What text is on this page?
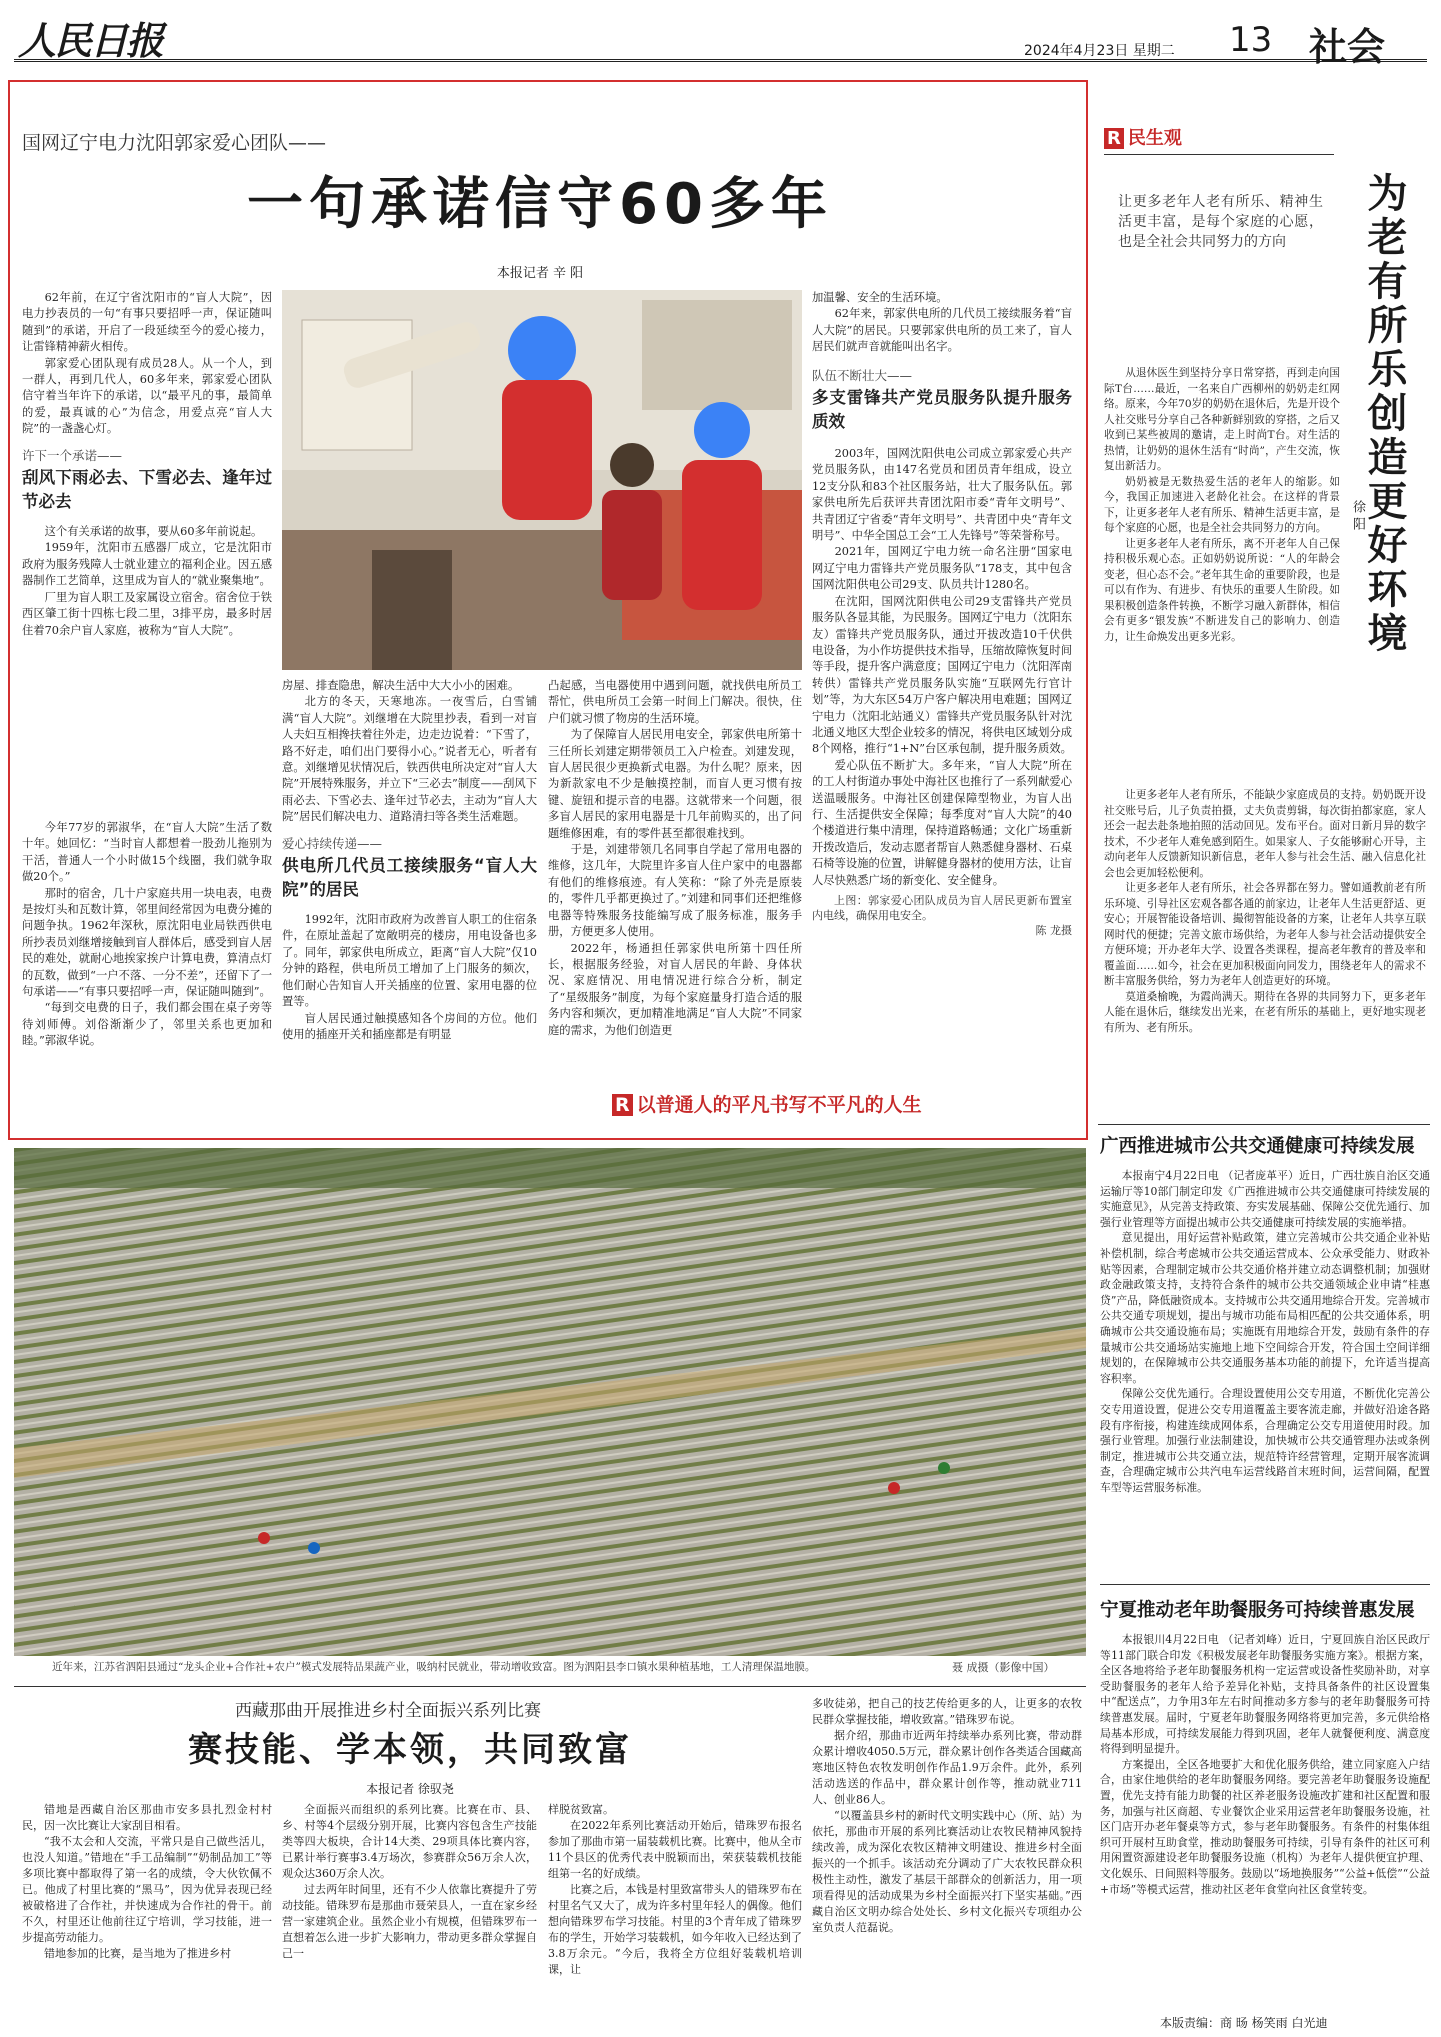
人民日报	2024年4月23日 星期二 13 社会
国网辽宁电力沈阳郭家爱心团队——
一句承诺信守60多年
本报记者 辛 阳

62年前，在辽宁省沈阳市的“盲人大院”，因电力抄表员的一句“有事只要招呼一声，保证随叫随到”的承诺，开启了一段延续至今的爱心接力，让雷锋精神薪火相传。

郭家爱心团队现有成员28人。从一个人，到一群人，再到几代人，60多年来，郭家爱心团队信守着当年许下的承诺，以“最平凡的事，最简单的爱，最真诚的心”为信念，用爱点亮“盲人大院”的一盏盏心灯。

许下一个承诺——
刮风下雨必去、下雪必去、逢年过节必去

这个有关承诺的故事，要从60多年前说起。

1959年，沈阳市五感器厂成立，它是沈阳市政府为服务残障人士就业建立的福利企业。因五感器制作工艺简单，这里成为盲人的“就业聚集地”。

厂里为盲人职工及家属设立宿舍。宿舍位于铁西区肇工街十四栋七段二里，3排平房，最多时居住着70余户盲人家庭，被称为“盲人大院”。

今年77岁的郭淑华，在“盲人大院”生活了数十年。她回忆：“当时盲人都想着一股劲儿拖别为干活，普通人一个小时做15个线圈，我们就争取做20个。”

那时的宿舍，几十户家庭共用一块电表，电费是按灯头和瓦数计算，邻里间经常因为电费分摊的问题争执。1962年深秋，原沈阳电业局铁西供电所抄表员刘继增接触到盲人群体后，感受到盲人居民的难处，就耐心地挨家挨户计算电费，算清点灯的瓦数，做到“一户不落、一分不差”，还留下了一句承诺——“有事只要招呼一声，保证随叫随到”。

“每到交电费的日子，我们都会围在桌子旁等待刘师傅。刘俗渐渐少了，邻里关系也更加和睦。”郭淑华说。

房屋、排查隐患，解决生活中大大小小的困难。

北方的冬天，天寒地冻。一夜雪后，白雪铺满“盲人大院”。刘继增在大院里抄表，看到一对盲人夫妇互相搀扶着往外走，边走边说着：“下雪了，路不好走，咱们出门要得小心。”说者无心，听者有意。刘继增见状情况后，铁西供电所决定对“盲人大院”开展特殊服务，并立下“三必去”制度——刮风下雨必去、下雪必去、逢年过节必去，主动为“盲人大院”居民们解决电力、道路清扫等各类生活难题。

爱心持续传递——
供电所几代员工接续服务“盲人大院”的居民

1992年，沈阳市政府为改善盲人职工的住宿条件，在原址盖起了宽敞明亮的楼房，用电设备也多了。同年，郭家供电所成立，距离“盲人大院”仅10分钟的路程，供电所员工增加了上门服务的频次，他们耐心告知盲人开关插座的位置、家用电器的位置等。

盲人居民通过触摸感知各个房间的方位。他们使用的插座开关和插座都是有明显

凸起感，当电器使用中遇到问题，就找供电所员工帮忙，供电所员工会第一时间上门解决。很快，住户们就习惯了物房的生活环境。

为了保障盲人居民用电安全，郭家供电所第十三任所长刘建定期带领员工入户检查。刘建发现，盲人居民很少更换新式电器。为什么呢？原来，因为新款家电不少是触摸控制，而盲人更习惯有按键、旋钮和提示音的电器。这就带来一个问题，很多盲人居民的家用电器是十几年前购买的，出了问题维修困难，有的零件甚至都很难找到。

于是，刘建带领几名同事自学起了常用电器的维修，这几年，大院里许多盲人住户家中的电器都有他们的维修痕迹。有人笑称：“除了外壳是原装的，零件几乎都更换过了。”刘建和同事们还把维修电器等特殊服务技能编写成了服务标准，服务手册，方便更多人使用。

2022年，杨通担任郭家供电所第十四任所长，根据服务经验，对盲人居民的年龄、身体状况、家庭情况、用电情况进行综合分析，制定了“星级服务”制度，为每个家庭量身打造合适的服务内容和频次，更加精准地满足“盲人大院”不同家庭的需求，为他们创造更

加温馨、安全的生活环境。

62年来，郭家供电所的几代员工接续服务着“盲人大院”的居民。只要郭家供电所的员工来了，盲人居民们就声音就能叫出名字。

队伍不断壮大——
多支雷锋共产党员服务队提升服务质效

2003年，国网沈阳供电公司成立郭家爱心共产党员服务队，由147名党员和团员青年组成，设立12支分队和83个社区服务站，壮大了服务队伍。郭家供电所先后获评共青团沈阳市委“青年文明号”、共青团辽宁省委“青年文明号”、共青团中央“青年文明号”、中华全国总工会“工人先锋号”等荣誉称号。

2021年，国网辽宁电力统一命名注册“国家电网辽宁电力雷锋共产党员服务队”178支，其中包含国网沈阳供电公司29支、队员共计1280名。

在沈阳，国网沈阳供电公司29支雷锋共产党员服务队各显其能，为民服务。国网辽宁电力（沈阳东友）雷锋共产党员服务队，通过开拔改造10千伏供电设备，为小作坊提供技术指导，压缩故障恢复时间等手段，提升客户满意度；国网辽宁电力（沈阳浑南转供）雷锋共产党员服务队实施“互联网先行官计划”等，为大东区54万户客户解决用电难题；国网辽宁电力（沈阳北站通义）雷锋共产党员服务队针对沈北通义地区大型企业较多的情况，将供电区域划分成8个网格，推行“1+N”台区承包制，提升服务质效。

爱心队伍不断扩大。多年来，“盲人大院”所在的工人村街道办事处中海社区也推行了一系列献爱心送温暖服务。中海社区创建保障型物业，为盲人出行、生活提供安全保障；每季度对“盲人大院”的40个楼道进行集中清理，保持道路畅通；文化广场重新开拨改造后，发动志愿者帮盲人熟悉健身器材、石桌石椅等设施的位置，讲解健身器材的使用方法，让盲人尽快熟悉广场的新变化、安全健身。

上图：郭家爱心团队成员为盲人居民更新布置室内电线，确保用电安全。

陈 龙摄
R 以普通人的平凡书写不平凡的人生
R 民生观
让更多老年人老有所乐、精神生活更丰富，是每个家庭的心愿，也是全社会共同努力的方向	为老有所乐创造更好环境

从退休医生到坚持分享日常穿搭，再到走向国际T台……最近，一名来自广西柳州的奶奶走红网络。原来，今年70岁的奶奶在退休后，先是开设个人社交账号分享自己各种新鲜别致的穿搭，之后又收到已某些被周的邀请，走上时尚T台。对生活的热情，让奶奶的退休生活有“时尚”，产生交流，恢复出新活力。

奶奶被是无数热爱生活的老年人的缩影。如今，我国正加速进入老龄化社会。在这样的背景下，让更多老年人老有所乐、精神生活更丰富，是每个家庭的心愿，也是全社会共同努力的方向。

让更多老年人老有所乐，离不开老年人自己保持积极乐观心态。正如奶奶说所说：“人的年龄会变老，但心态不会。”老年其生命的重要阶段，也是可以有作为、有进步、有快乐的重要人生阶段。如果积极创造条件转换，不断学习融入新群体，相信会有更多“银发族”不断进发自己的影响力、创造力，让生命焕发出更多光彩。

徐 阳

让更多老年人老有所乐，不能缺少家庭成员的支持。奶奶既开设社交账号后，儿子负责拍摄，丈夫负责剪辑，每次街拍都家庭，家人还会一起去赴条地拍照的活动回见。发布平台。面对日新月异的数字技术，不少老年人难免感到陌生。如果家人、子女能够耐心开导，主动向老年人反馈新知识新信息，老年人参与社会生活、融入信息化社会也会更加轻松便利。

让更多老年人老有所乐，社会各界都在努力。譬如通教前老有所乐环境、引导社区宏观各都各通的前家边，让老年人生活更舒适、更安心；开展智能设备培训、撮彻智能设备的方案，让老年人共享互联网时代的便捷；完善文旅市场供给，为老年人参与社会活动提供安全方便环境；开办老年大学、设置各类课程，提高老年教育的普及率和覆盖面……如今，社会在更加积极面向同发力，围绕老年人的需求不断丰富服务供给，努力为老年人创造更好的环境。

莫道桑榆晚，为霞尚满天。期待在各界的共同努力下，更多老年人能在退休后，继续发出光来，在老有所乐的基础上，更好地实现老有所为、老有所乐。

近年来，江苏省泗阳县通过“龙头企业+合作社+农户”模式发展特品果蔬产业，吸纳村民就业，带动增收致富。图为泗阳县李口镇水果种植基地，工人清理保温地膜。	聂 成摄（影像中国）
广西推进城市公共交通健康可持续发展

本报南宁4月22日电 （记者庞革平）近日，广西壮族自治区交通运输厅等10部门制定印发《广西推进城市公共交通健康可持续发展的实施意见》，从完善支持政策、夯实发展基础、保障公交优先通行、加强行业管理等方面提出城市公共交通健康可持续发展的实施举措。

意见提出，用好运营补贴政策，建立完善城市公共交通企业补贴补偿机制，综合考虑城市公共交通运营成本、公众承受能力、财政补贴等因素，合理制定城市公共交通价格并建立动态调整机制；加强财政金融政策支持，支持符合条件的城市公共交通领域企业申请“桂惠贷”产品，降低融资成本。支持城市公共交通用地综合开发。完善城市公共交通专项规划，提出与城市功能布局相匹配的公共交通体系，明确城市公共交通设施布局；实施既有用地综合开发，鼓励有条件的存量城市公共交通场站实施地上地下空间综合开发，符合国土空间详细规划的，在保障城市公共交通服务基本功能的前提下，允许适当提高容积率。

保障公交优先通行。合理设置使用公交专用道，不断优化完善公交专用道设置，促进公交专用道覆盖主要客流走廊，并做好沿途各路段有序衔接，构建连续成网体系，合理确定公交专用道使用时段。加强行业管理。加强行业法制建设，加快城市公共交通管理办法或条例制定，推进城市公共交通立法，规范特许经营管理，定期开展客流调查，合理确定城市公共汽电车运营线路首末班时间，运营间隔，配置车型等运营服务标准。

宁夏推动老年助餐服务可持续普惠发展

本报银川4月22日电 （记者刘峰）近日，宁夏回族自治区民政厅等11部门联合印发《积极发展老年助餐服务实施方案》。根据方案，全区各地将给予老年助餐服务机构一定运营或设备性奖励补助，对享受助餐服务的老年人给予差异化补贴，支持具备条件的社区设置集中“配送点”，力争用3年左右时间推动多方参与的老年助餐服务可持续普惠发展。届时，宁夏老年助餐服务网络将更加完善，多元供给格局基本形成，可持续发展能力得到巩固，老年人就餐便利度、满意度将得到明显提升。

方案提出，全区各地要扩大和优化服务供给，建立同家庭入户结合，由家住地供给的老年助餐服务网络。要完善老年助餐服务设施配置，优先支持有能力助餐的社区养老服务设施改扩建和社区配置和服务，加强与社区商超、专业餐饮企业采用运营老年助餐服务设施，社区门店开办老年餐桌等方式，参与老年助餐服务。有条件的村集体组织可开展村互助食堂，推动助餐服务可持续，引导有条件的社区可利用闲置资源建设老年助餐服务设施（机构）为老年人提供便宜护理、文化娱乐、日间照料等服务。鼓励以“场地换服务”“公益+低偿”“公益+市场”等模式运营，推动社区老年食堂向社区食堂转变。

西藏那曲开展推进乡村全面振兴系列比赛
赛技能、学本领，共同致富
本报记者 徐驭尧

错地是西藏自治区那曲市安多县扎烈金村村民，因一次比赛让大家刮目相看。

“我不太会和人交流，平常只是自己做些活儿，也没人知道。”错地在“手工品编制”“奶制品加工”等多项比赛中都取得了第一名的成绩，令大伙钦佩不已。他成了村里比赛的“黑马”，因为优异表现已经被破格进了合作社，并快速成为合作社的骨干。前不久，村里还让他前往辽宁培训，学习技能，进一步提高劳动能力。

错地参加的比赛，是当地为了推进乡村

全面振兴而组织的系列比赛。比赛在市、县、乡、村等4个层级分别开展，比赛内容包含生产技能类等四大板块，合计14大类、29项具体比赛内容，已累计举行赛事3.4万场次，参赛群众56万余人次，观众达360万余人次。

过去两年时间里，还有不少人依靠比赛提升了劳动技能。错珠罗布是那曲市聂荣县人，一直在家乡经营一家建筑企业。虽然企业小有规模，但错珠罗布一直想着怎么进一步扩大影响力，带动更多群众掌握自己一

样脱贫致富。

在2022年系列比赛活动开始后，错珠罗布报名参加了那曲市第一届装载机比赛。比赛中，他从全市11个县区的优秀代表中脱颖而出，荣获装载机技能组第一名的好成绩。

比赛之后，本钱是村里致富带头人的错珠罗布在村里名气又大了，成为许多村里年轻人的偶像。他们想向错珠罗布学习技能。村里的3个青年成了错珠罗布的学生，开始学习装载机，如今年收入已经达到了3.8万余元。“今后，我将全方位组好装载机培训课，让

多收徒弟，把自己的技艺传给更多的人，让更多的农牧民群众掌握技能，增收致富。”错珠罗布说。

据介绍，那曲市近两年持续举办系列比赛，带动群众累计增收4050.5万元，群众累计创作各类适合国藏高寒地区特色农牧发明创作作品1.9万余件。此外，系列活动选送的作品中，群众累计创作等，推动就业711人、创业86人。

“以覆盖县乡村的新时代文明实践中心（所、站）为依托，那曲市开展的系列比赛活动让农牧民精神风貌持续改善，成为深化农牧区精神文明建设、推进乡村全面振兴的一个抓手。该活动充分调动了广大农牧民群众积极性主动性，激发了基层干部群众的创新活力，用一项项看得见的活动成果为乡村全面振兴打下坚实基础。”西藏自治区文明办综合处处长、乡村文化振兴专项组办公室负责人范磊说。

本版责编：商 旸 杨笑雨 白光迪
